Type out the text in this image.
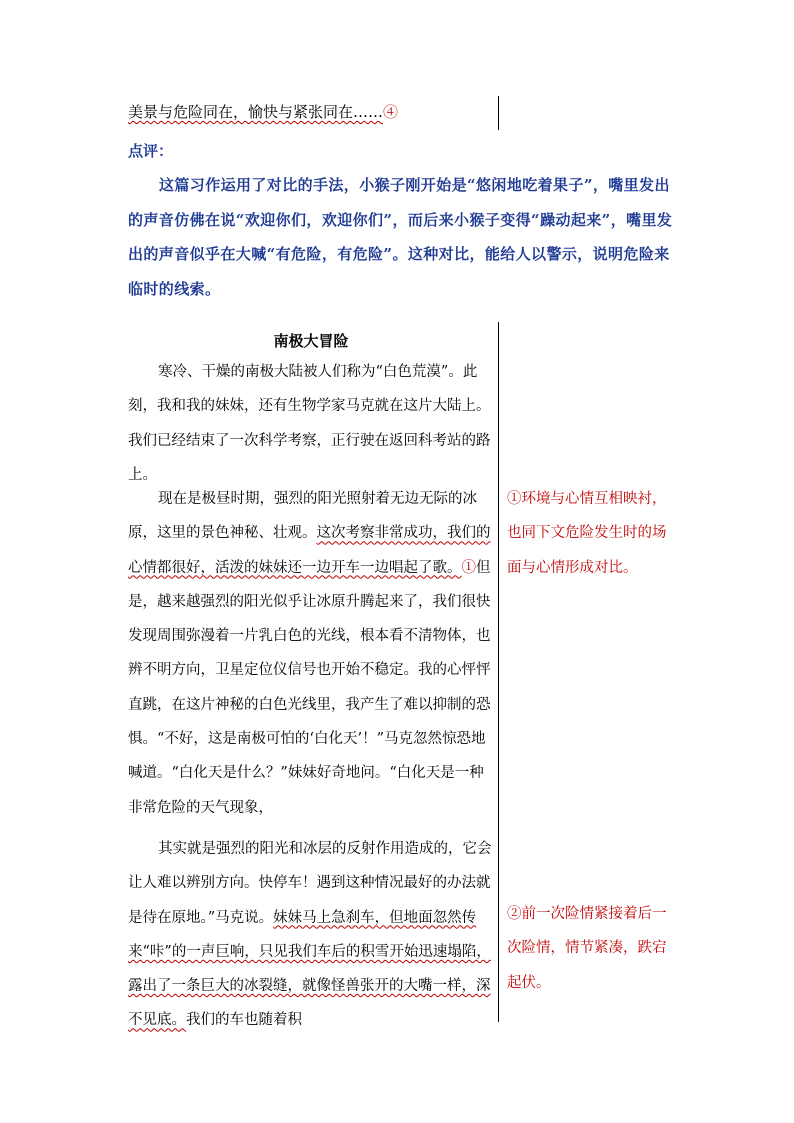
美景与危险同在，愉快与紧张同在……④
点评：

这篇习作运用了对比的手法，小猴子刚开始是“悠闲地吃着果子”，嘴里发出的声音仿佛在说“欢迎你们，欢迎你们”，而后来小猴子变得“躁动起来”，嘴里发出的声音似乎在大喊“有危险，有危险”。这种对比，能给人以警示，说明危险来临时的线索。

南极大冒险

寒冷、干燥的南极大陆被人们称为“白色荒漠”。此刻，我和我的妹妹，还有生物学家马克就在这片大陆上。我们已经结束了一次科学考察，正行驶在返回科考站的路上。

现在是极昼时期，强烈的阳光照射着无边无际的冰原，这里的景色神秘、壮观。这次考察非常成功，我们的心情都很好，活泼的妹妹还一边开车一边唱起了歌。①但是，越来越强烈的阳光似乎让冰原升腾起来了，我们很快发现周围弥漫着一片乳白色的光线，根本看不清物体，也辨不明方向，卫星定位仪信号也开始不稳定。我的心怦怦直跳，在这片神秘的白色光线里，我产生了难以抑制的恐惧。“不好，这是南极可怕的‘白化天’！”马克忽然惊恐地喊道。“白化天是什么？”妹妹好奇地问。“白化天是一种非常危险的天气现象，

其实就是强烈的阳光和冰层的反射作用造成的，它会让人难以辨别方向。快停车！遇到这种情况最好的办法就是待在原地。”马克说。妹妹马上急刹车，但地面忽然传来“咔”的一声巨响，只见我们车后的积雪开始迅速塌陷，露出了一条巨大的冰裂缝，就像怪兽张开的大嘴一样，深不见底。我们的车也随着积

①环境与心情互相映衬，也同下文危险发生时的场面与心情形成对比。

②前一次险情紧接着后一次险情，情节紧凑，跌宕起伏。
